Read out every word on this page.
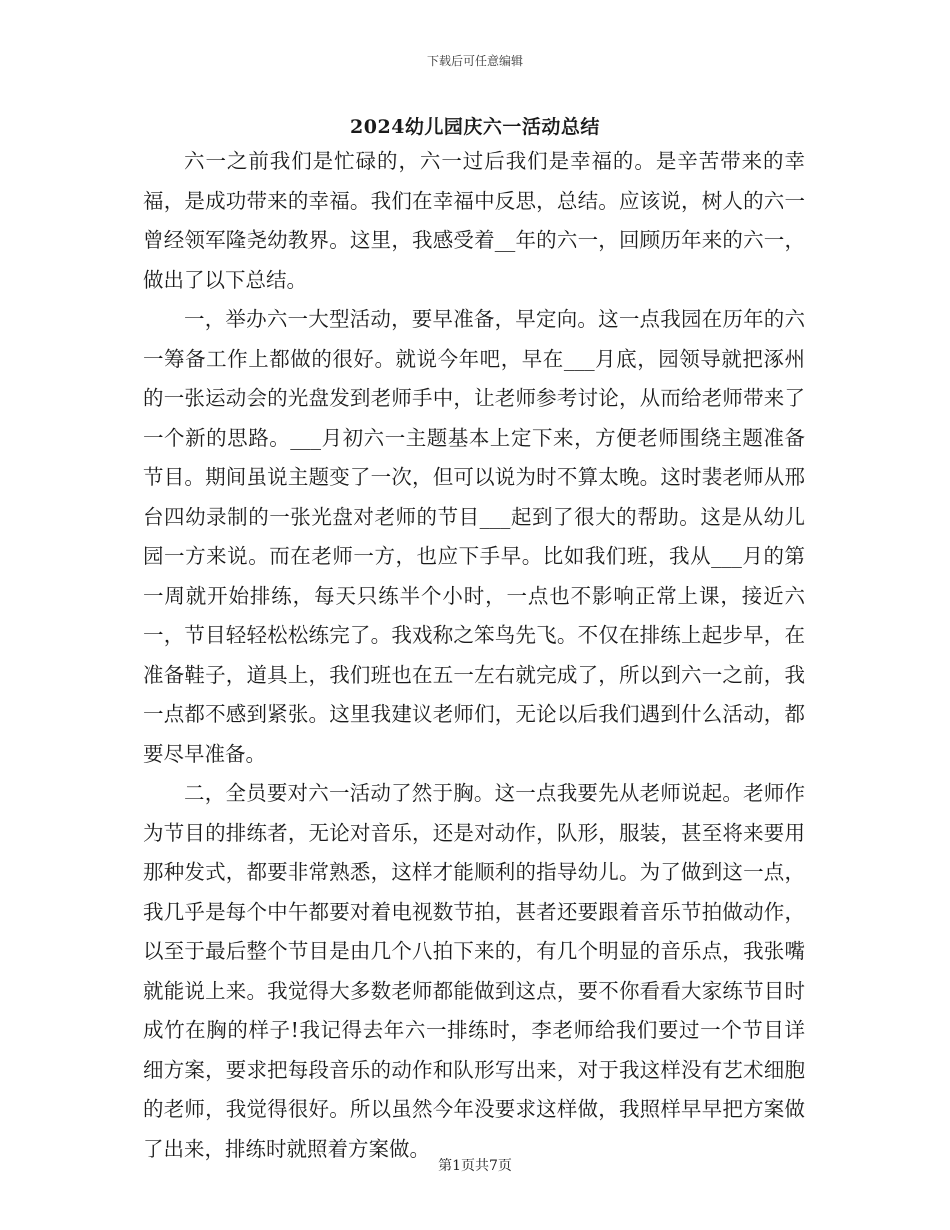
下载后可任意编辑
2024幼儿园庆六一活动总结

六一之前我们是忙碌的，六一过后我们是幸福的。是辛苦带来的幸福，是成功带来的幸福。我们在幸福中反思，总结。应该说，树人的六一曾经领军隆尧幼教界。这里，我感受着__年的六一，回顾历年来的六一，做出了以下总结。

一，举办六一大型活动，要早准备，早定向。这一点我园在历年的六一筹备工作上都做的很好。就说今年吧，早在___月底，园领导就把涿州的一张运动会的光盘发到老师手中，让老师参考讨论，从而给老师带来了一个新的思路。___月初六一主题基本上定下来，方便老师围绕主题准备节目。期间虽说主题变了一次，但可以说为时不算太晚。这时裴老师从邢台四幼录制的一张光盘对老师的节目___起到了很大的帮助。这是从幼儿园一方来说。而在老师一方，也应下手早。比如我们班，我从___月的第一周就开始排练，每天只练半个小时，一点也不影响正常上课，接近六一，节目轻轻松松练完了。我戏称之笨鸟先飞。不仅在排练上起步早，在准备鞋子，道具上，我们班也在五一左右就完成了，所以到六一之前，我一点都不感到紧张。这里我建议老师们，无论以后我们遇到什么活动，都要尽早准备。

二，全员要对六一活动了然于胸。这一点我要先从老师说起。老师作为节目的排练者，无论对音乐，还是对动作，队形，服装，甚至将来要用那种发式，都要非常熟悉，这样才能顺利的指导幼儿。为了做到这一点，我几乎是每个中午都要对着电视数节拍，甚者还要跟着音乐节拍做动作，以至于最后整个节目是由几个八拍下来的，有几个明显的音乐点，我张嘴就能说上来。我觉得大多数老师都能做到这点，要不你看看大家练节目时成竹在胸的样子!我记得去年六一排练时，李老师给我们要过一个节目详细方案，要求把每段音乐的动作和队形写出来，对于我这样没有艺术细胞的老师，我觉得很好。所以虽然今年没要求这样做，我照样早早把方案做了出来，排练时就照着方案做。

第1页共7页
